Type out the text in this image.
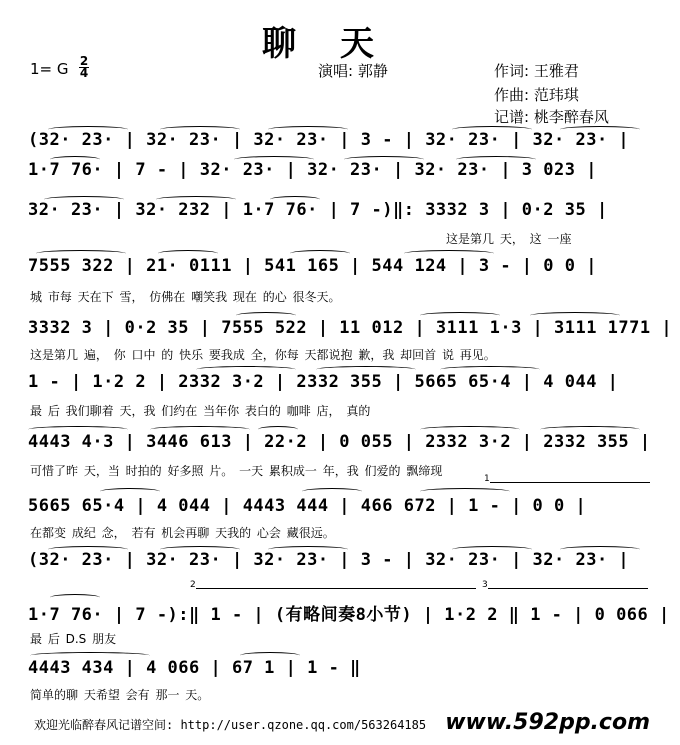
聊天
1= G 2
4	演唱: 郭静	作词: 王雅君
作曲: 范玮琪
记谱: 桃李醉春风
(32· 23· | 32· 23· | 32· 23· | 3 - | 32· 23· | 32· 23· |
1·7 76· | 7 - | 32· 23· | 32· 23· | 32· 23· | 3 023 |
32· 23· | 32· 232 | 1·7 76· | 7 -)‖: 3332 3 | 0·2 35 |
这是第几 天， 这 一座
7555 322 | 21· 0111 | 541 165 | 544 124 | 3 - | 0 0 |
城 市每 天在下 雪， 仿佛在 嘲笑我 现在 的心 很冬天。
3332 3 | 0·2 35 | 7555 522 | 11 012 | 3111 1·3 | 3111 1771 |
这是第几 遍， 你 口中 的 快乐 要我成 全，你每 天都说抱 歉，我 却回首 说 再见。
1 - | 1·2 2 | 2332 3·2 | 2332 355 | 5665 65·4 | 4 044 |
最 后 我们聊着 天，我 们约在 当年你 表白的 咖啡 店， 真的
4443 4·3 | 3446 613 | 22·2 | 0 055 | 2332 3·2 | 2332 355 |
可惜了昨 天，当 时拍的 好多照 片。 一天 累积成一 年，我 们爱的 飘缔现
1
5665 65·4 | 4 044 | 4443 444 | 466 672 | 1 - | 0 0 |
在都变 成纪 念， 若有 机会再聊 天我的 心会 藏很远。
(32· 23· | 32· 23· | 32· 23· | 3 - | 32· 23· | 32· 23· |
2	3
1·7 76· | 7 -):‖ 1 - | (有略间奏8小节) | 1·2 2 ‖ 1 - | 0 066 |
最 后 D.S 朋友
4443 434 | 4 066 | 67 1 | 1 - ‖
简单的聊 天希望 会有 那一 天。
欢迎光临醉春风记谱空间: http://user.qzone.qq.com/563264185 www.592pp.com
